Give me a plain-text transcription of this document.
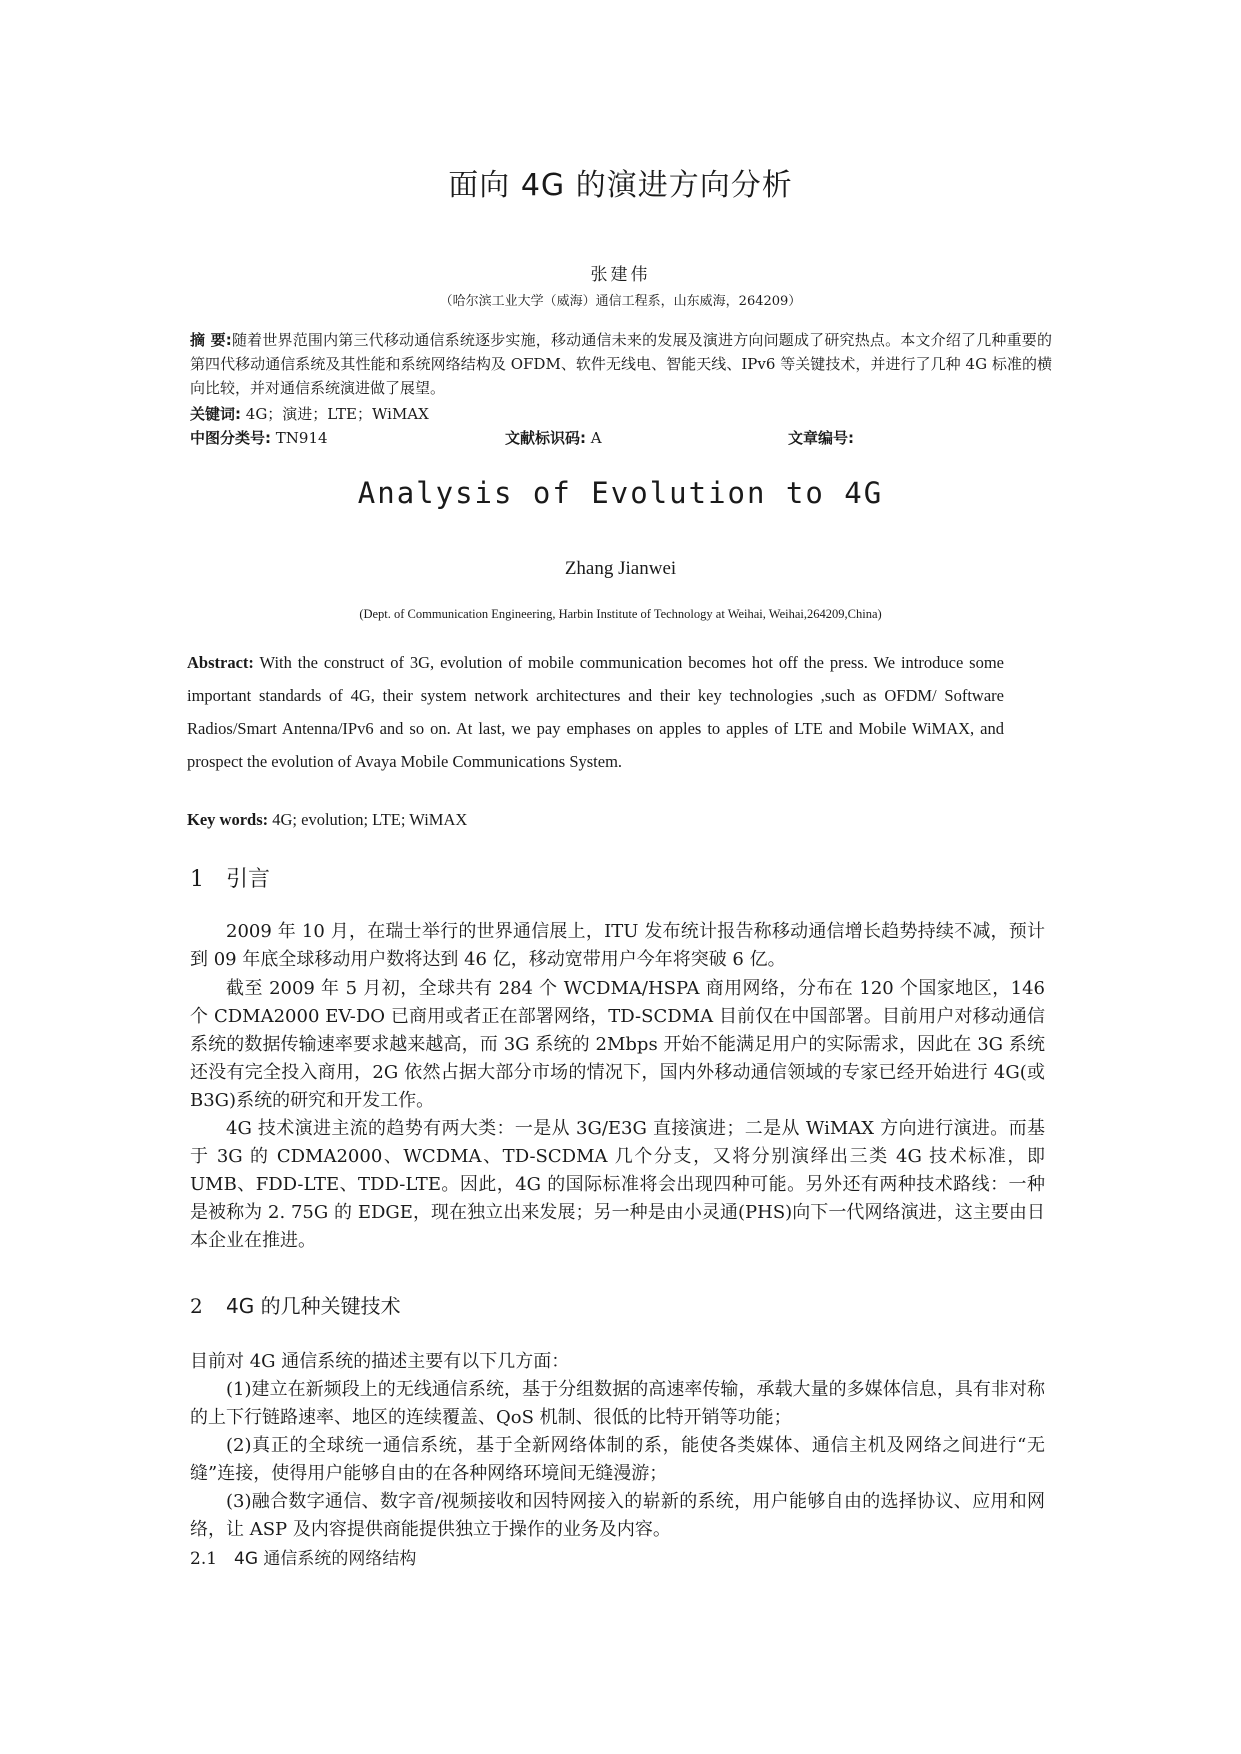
面向 4G 的演进方向分析
张建伟
（哈尔滨工业大学（威海）通信工程系，山东威海，264209）
摘 要:随着世界范围内第三代移动通信系统逐步实施，移动通信未来的发展及演进方向问题成了研究热点。本文介绍了几种重要的第四代移动通信系统及其性能和系统网络结构及 OFDM、软件无线电、智能天线、IPv6 等关键技术，并进行了几种 4G 标准的横向比较，并对通信系统演进做了展望。
关键词: 4G；演进；LTE；WiMAX
中图分类号: TN914	文献标识码: A	文章编号:
Analysis of Evolution to 4G
Zhang Jianwei
(Dept. of Communication Engineering, Harbin Institute of Technology at Weihai, Weihai,264209,China)
Abstract: With the construct of 3G, evolution of mobile communication becomes hot off the press. We introduce some important standards of 4G, their system network architectures and their key technologies ,such as OFDM/ Software Radios/Smart Antenna/IPv6 and so on. At last, we pay emphases on apples to apples of LTE and Mobile WiMAX, and prospect the evolution of Avaya Mobile Communications System.
Key words: 4G; evolution; LTE; WiMAX
1 引言
2009 年 10 月，在瑞士举行的世界通信展上，ITU 发布统计报告称移动通信增长趋势持续不减，预计到 09 年底全球移动用户数将达到 46 亿，移动宽带用户今年将突破 6 亿。
截至 2009 年 5 月初，全球共有 284 个 WCDMA/HSPA 商用网络，分布在 120 个国家地区，146 个 CDMA2000 EV-DO 已商用或者正在部署网络，TD-SCDMA 目前仅在中国部署。目前用户对移动通信系统的数据传输速率要求越来越高，而 3G 系统的 2Mbps 开始不能满足用户的实际需求，因此在 3G 系统还没有完全投入商用，2G 依然占据大部分市场的情况下，国内外移动通信领域的专家已经开始进行 4G(或 B3G)系统的研究和开发工作。
4G 技术演进主流的趋势有两大类：一是从 3G/E3G 直接演进；二是从 WiMAX 方向进行演进。而基于 3G 的 CDMA2000、WCDMA、TD-SCDMA 几个分支，又将分别演绎出三类 4G 技术标准，即 UMB、FDD-LTE、TDD-LTE。因此，4G 的国际标准将会出现四种可能。另外还有两种技术路线：一种是被称为 2. 75G 的 EDGE，现在独立出来发展；另一种是由小灵通(PHS)向下一代网络演进，这主要由日本企业在推进。
2 4G 的几种关键技术
目前对 4G 通信系统的描述主要有以下几方面：
(1)建立在新频段上的无线通信系统，基于分组数据的高速率传输，承载大量的多媒体信息，具有非对称的上下行链路速率、地区的连续覆盖、QoS 机制、很低的比特开销等功能；
(2)真正的全球统一通信系统，基于全新网络体制的系，能使各类媒体、通信主机及网络之间进行“无缝”连接，使得用户能够自由的在各种网络环境间无缝漫游；
(3)融合数字通信、数字音/视频接收和因特网接入的崭新的系统，用户能够自由的选择协议、应用和网络，让 ASP 及内容提供商能提供独立于操作的业务及内容。
2.1 4G 通信系统的网络结构
